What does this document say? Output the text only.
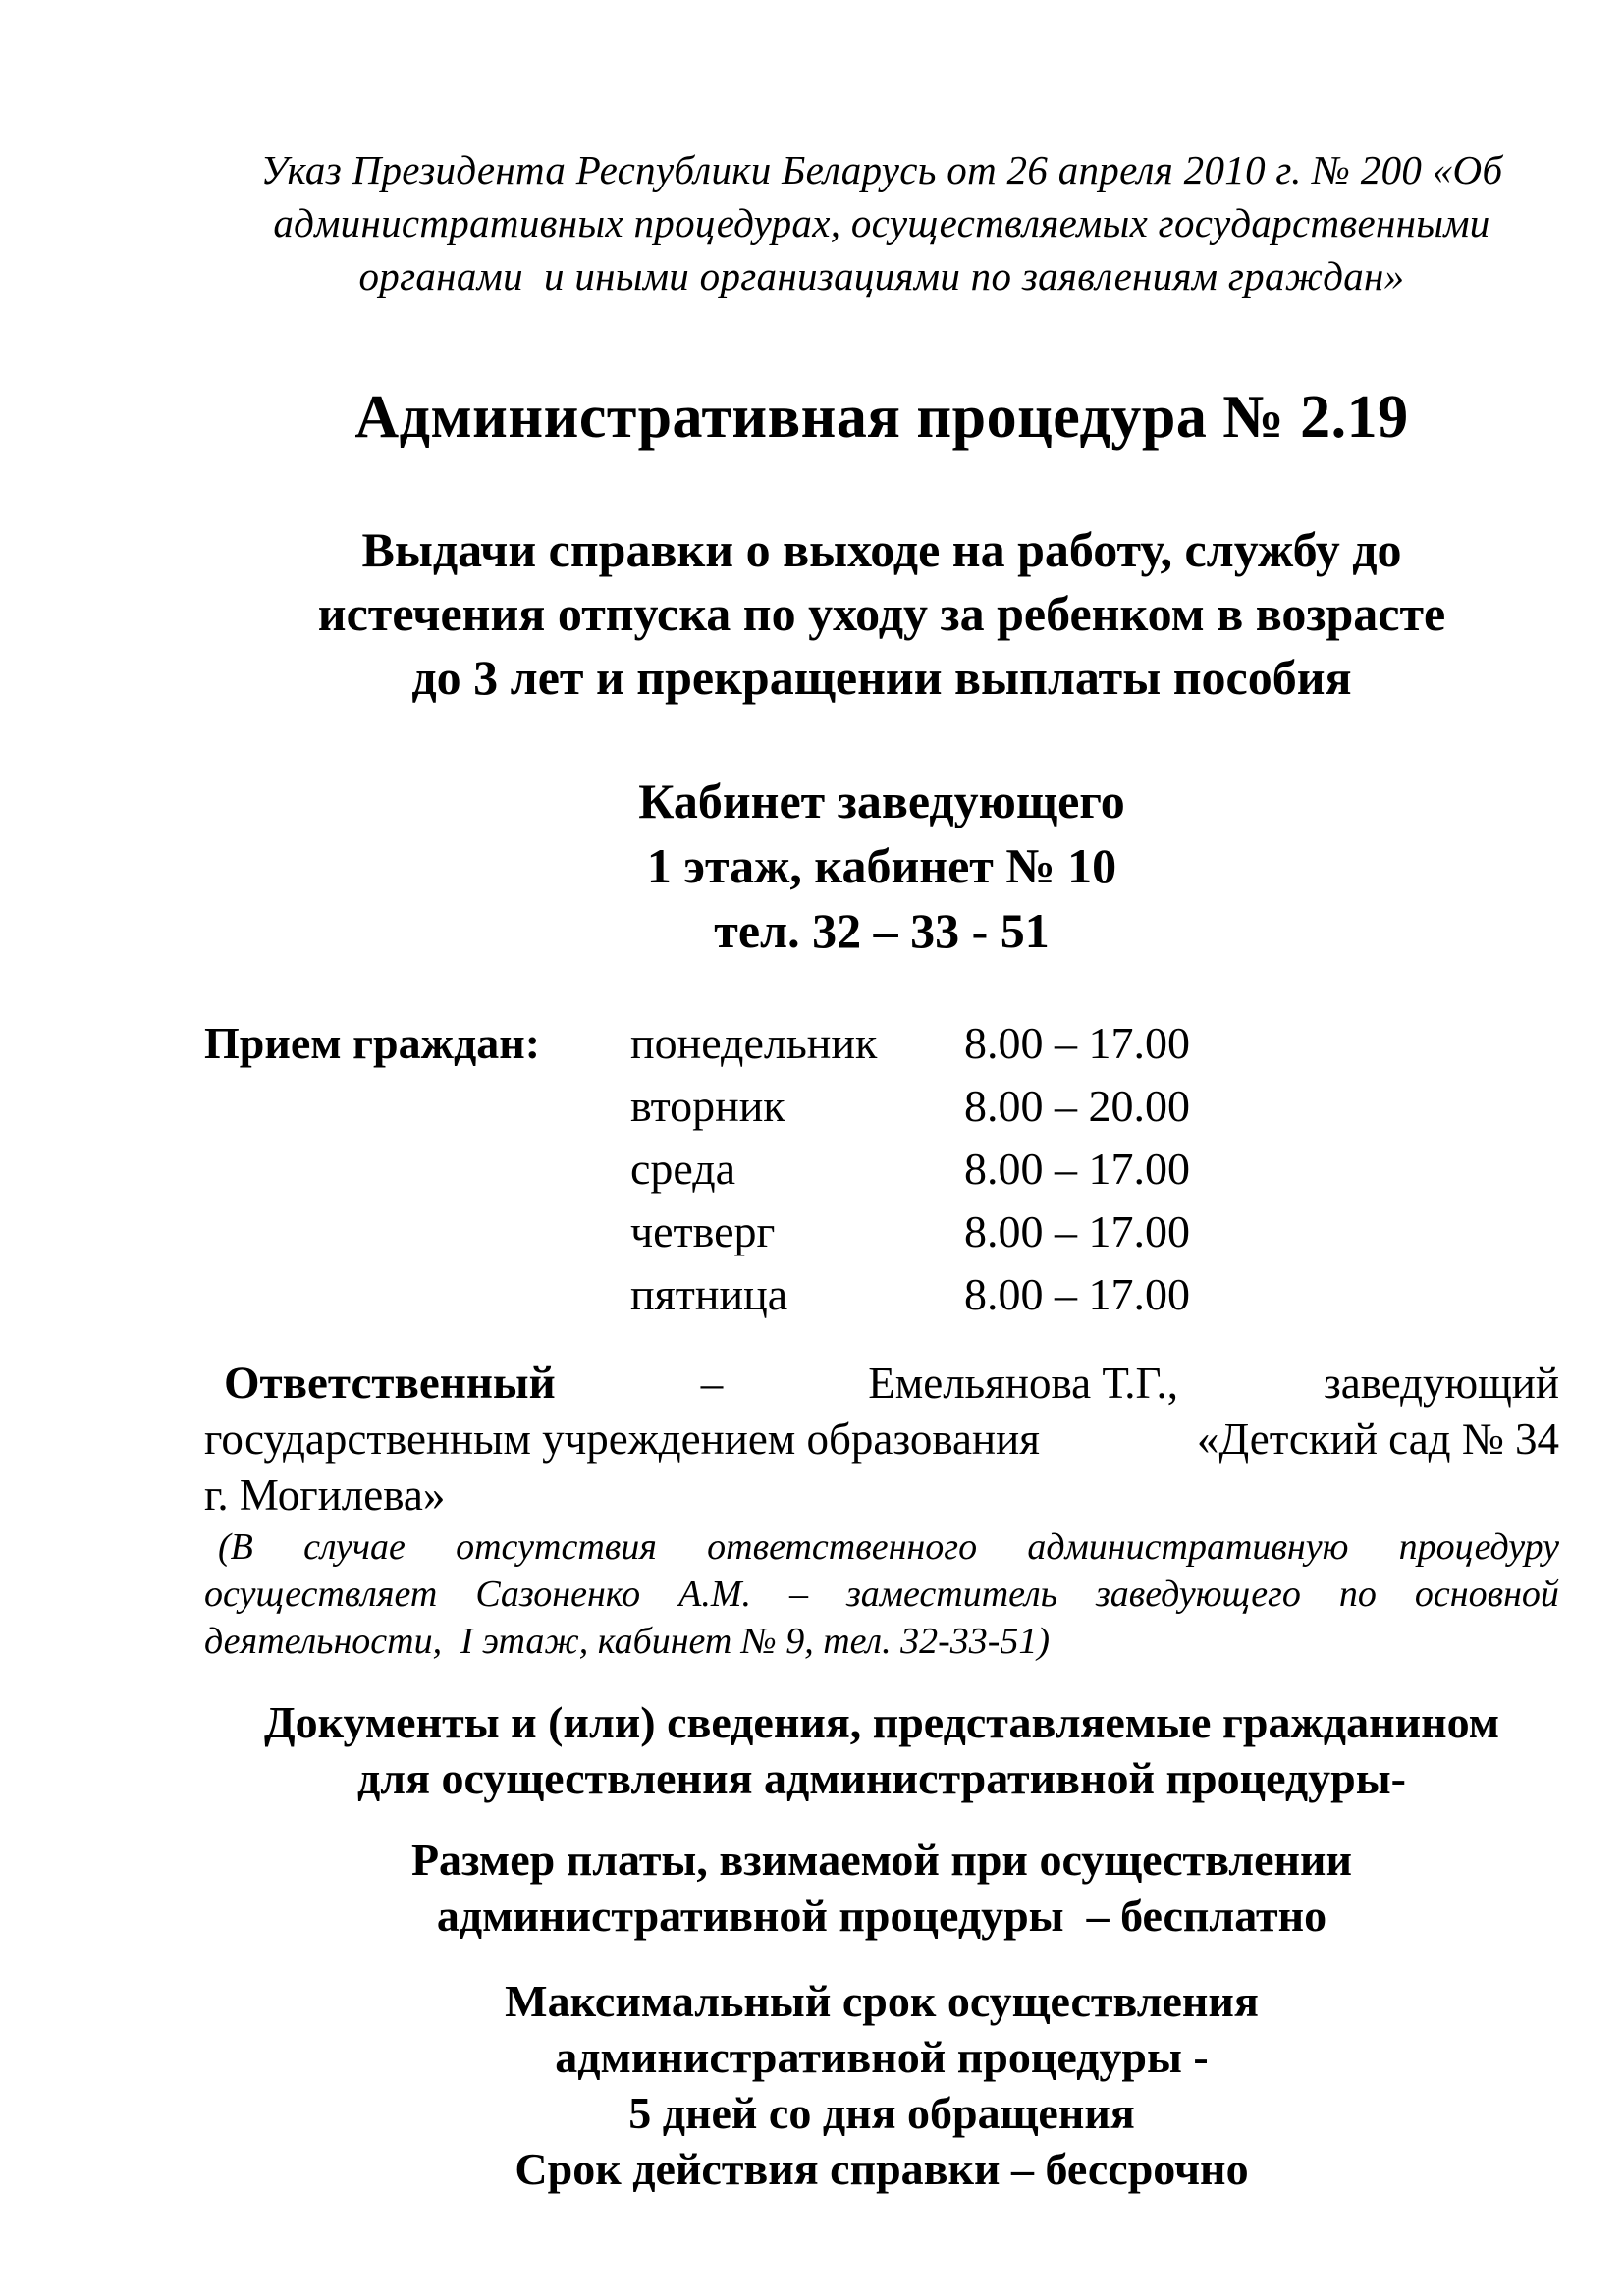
Указ Президента Республики Беларусь от 26 апреля 2010 г. № 200 «Об
административных процедурах, осуществляемых государственными
органами  и иными организациями по заявлениям граждан»
Административная процедура № 2.19
Выдачи справки о выходе на работу, службу до
истечения отпуска по уходу за ребенком в возрасте
до 3 лет и прекращении выплаты пособия
Кабинет заведующего
1 этаж, кабинет № 10
тел. 32 – 33 - 51
Прием граждан:	понедельник	8.00 – 17.00
вторник	8.00 – 20.00
среда	8.00 – 17.00
четверг	8.00 – 17.00
пятница	8.00 – 17.00
Ответственный	–	Емельянова Т.Г.,	заведующий
государственным учреждением образования	«Детский сад № 34
г. Могилева»
(В случае отсутствия ответственного административную процедуру
осуществляет Сазоненко А.М. – заместитель заведующего по основной
деятельности,  I этаж, кабинет № 9, тел. 32-33-51)
Документы и (или) сведения, представляемые гражданином
для осуществления административной процедуры-
Размер платы, взимаемой при осуществлении
административной процедуры  – бесплатно
Максимальный срок осуществления
административной процедуры -
5 дней со дня обращения
Срок действия справки – бессрочно
